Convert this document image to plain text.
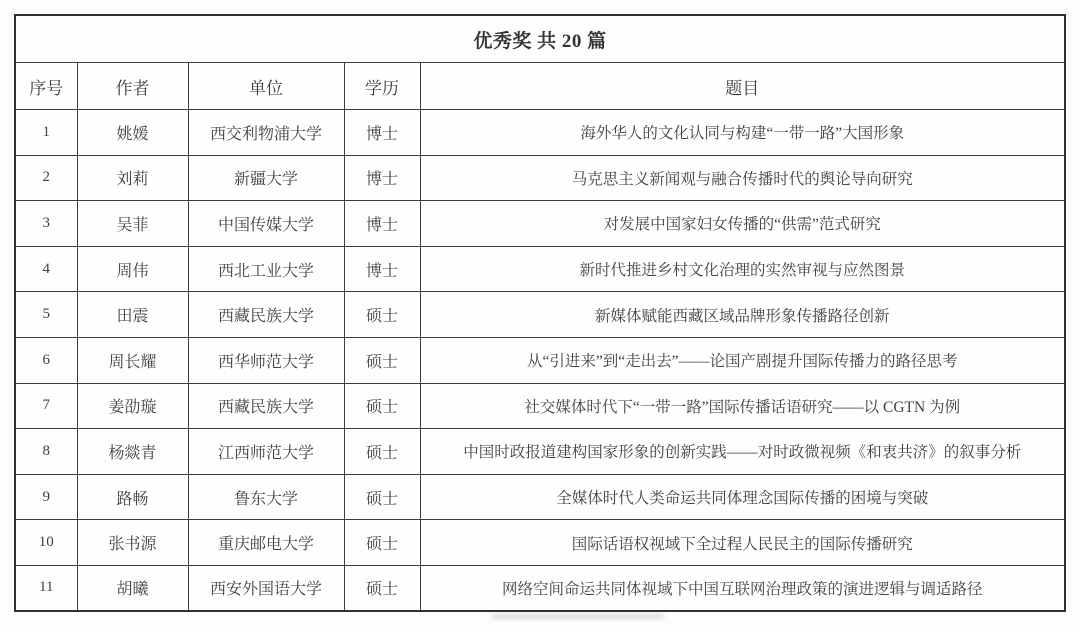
优秀奖 共 20 篇				
序号	作者	单位	学历	题目
1	姚媛	西交利物浦大学	博士	海外华人的文化认同与构建“一带一路”大国形象
2	刘莉	新疆大学	博士	马克思主义新闻观与融合传播时代的舆论导向研究
3	吴菲	中国传媒大学	博士	对发展中国家妇女传播的“供需”范式研究
4	周伟	西北工业大学	博士	新时代推进乡村文化治理的实然审视与应然图景
5	田震	西藏民族大学	硕士	新媒体赋能西藏区域品牌形象传播路径创新
6	周长耀	西华师范大学	硕士	从“引进来”到“走出去”——论国产剧提升国际传播力的路径思考
7	姜劭璇	西藏民族大学	硕士	社交媒体时代下“一带一路”国际传播话语研究——以 CGTN 为例
8	杨燚青	江西师范大学	硕士	中国时政报道建构国家形象的创新实践——对时政微视频《和衷共济》的叙事分析
9	路畅	鲁东大学	硕士	全媒体时代人类命运共同体理念国际传播的困境与突破
10	张书源	重庆邮电大学	硕士	国际话语权视域下全过程人民民主的国际传播研究
11	胡曦	西安外国语大学	硕士	网络空间命运共同体视域下中国互联网治理政策的演进逻辑与调适路径
